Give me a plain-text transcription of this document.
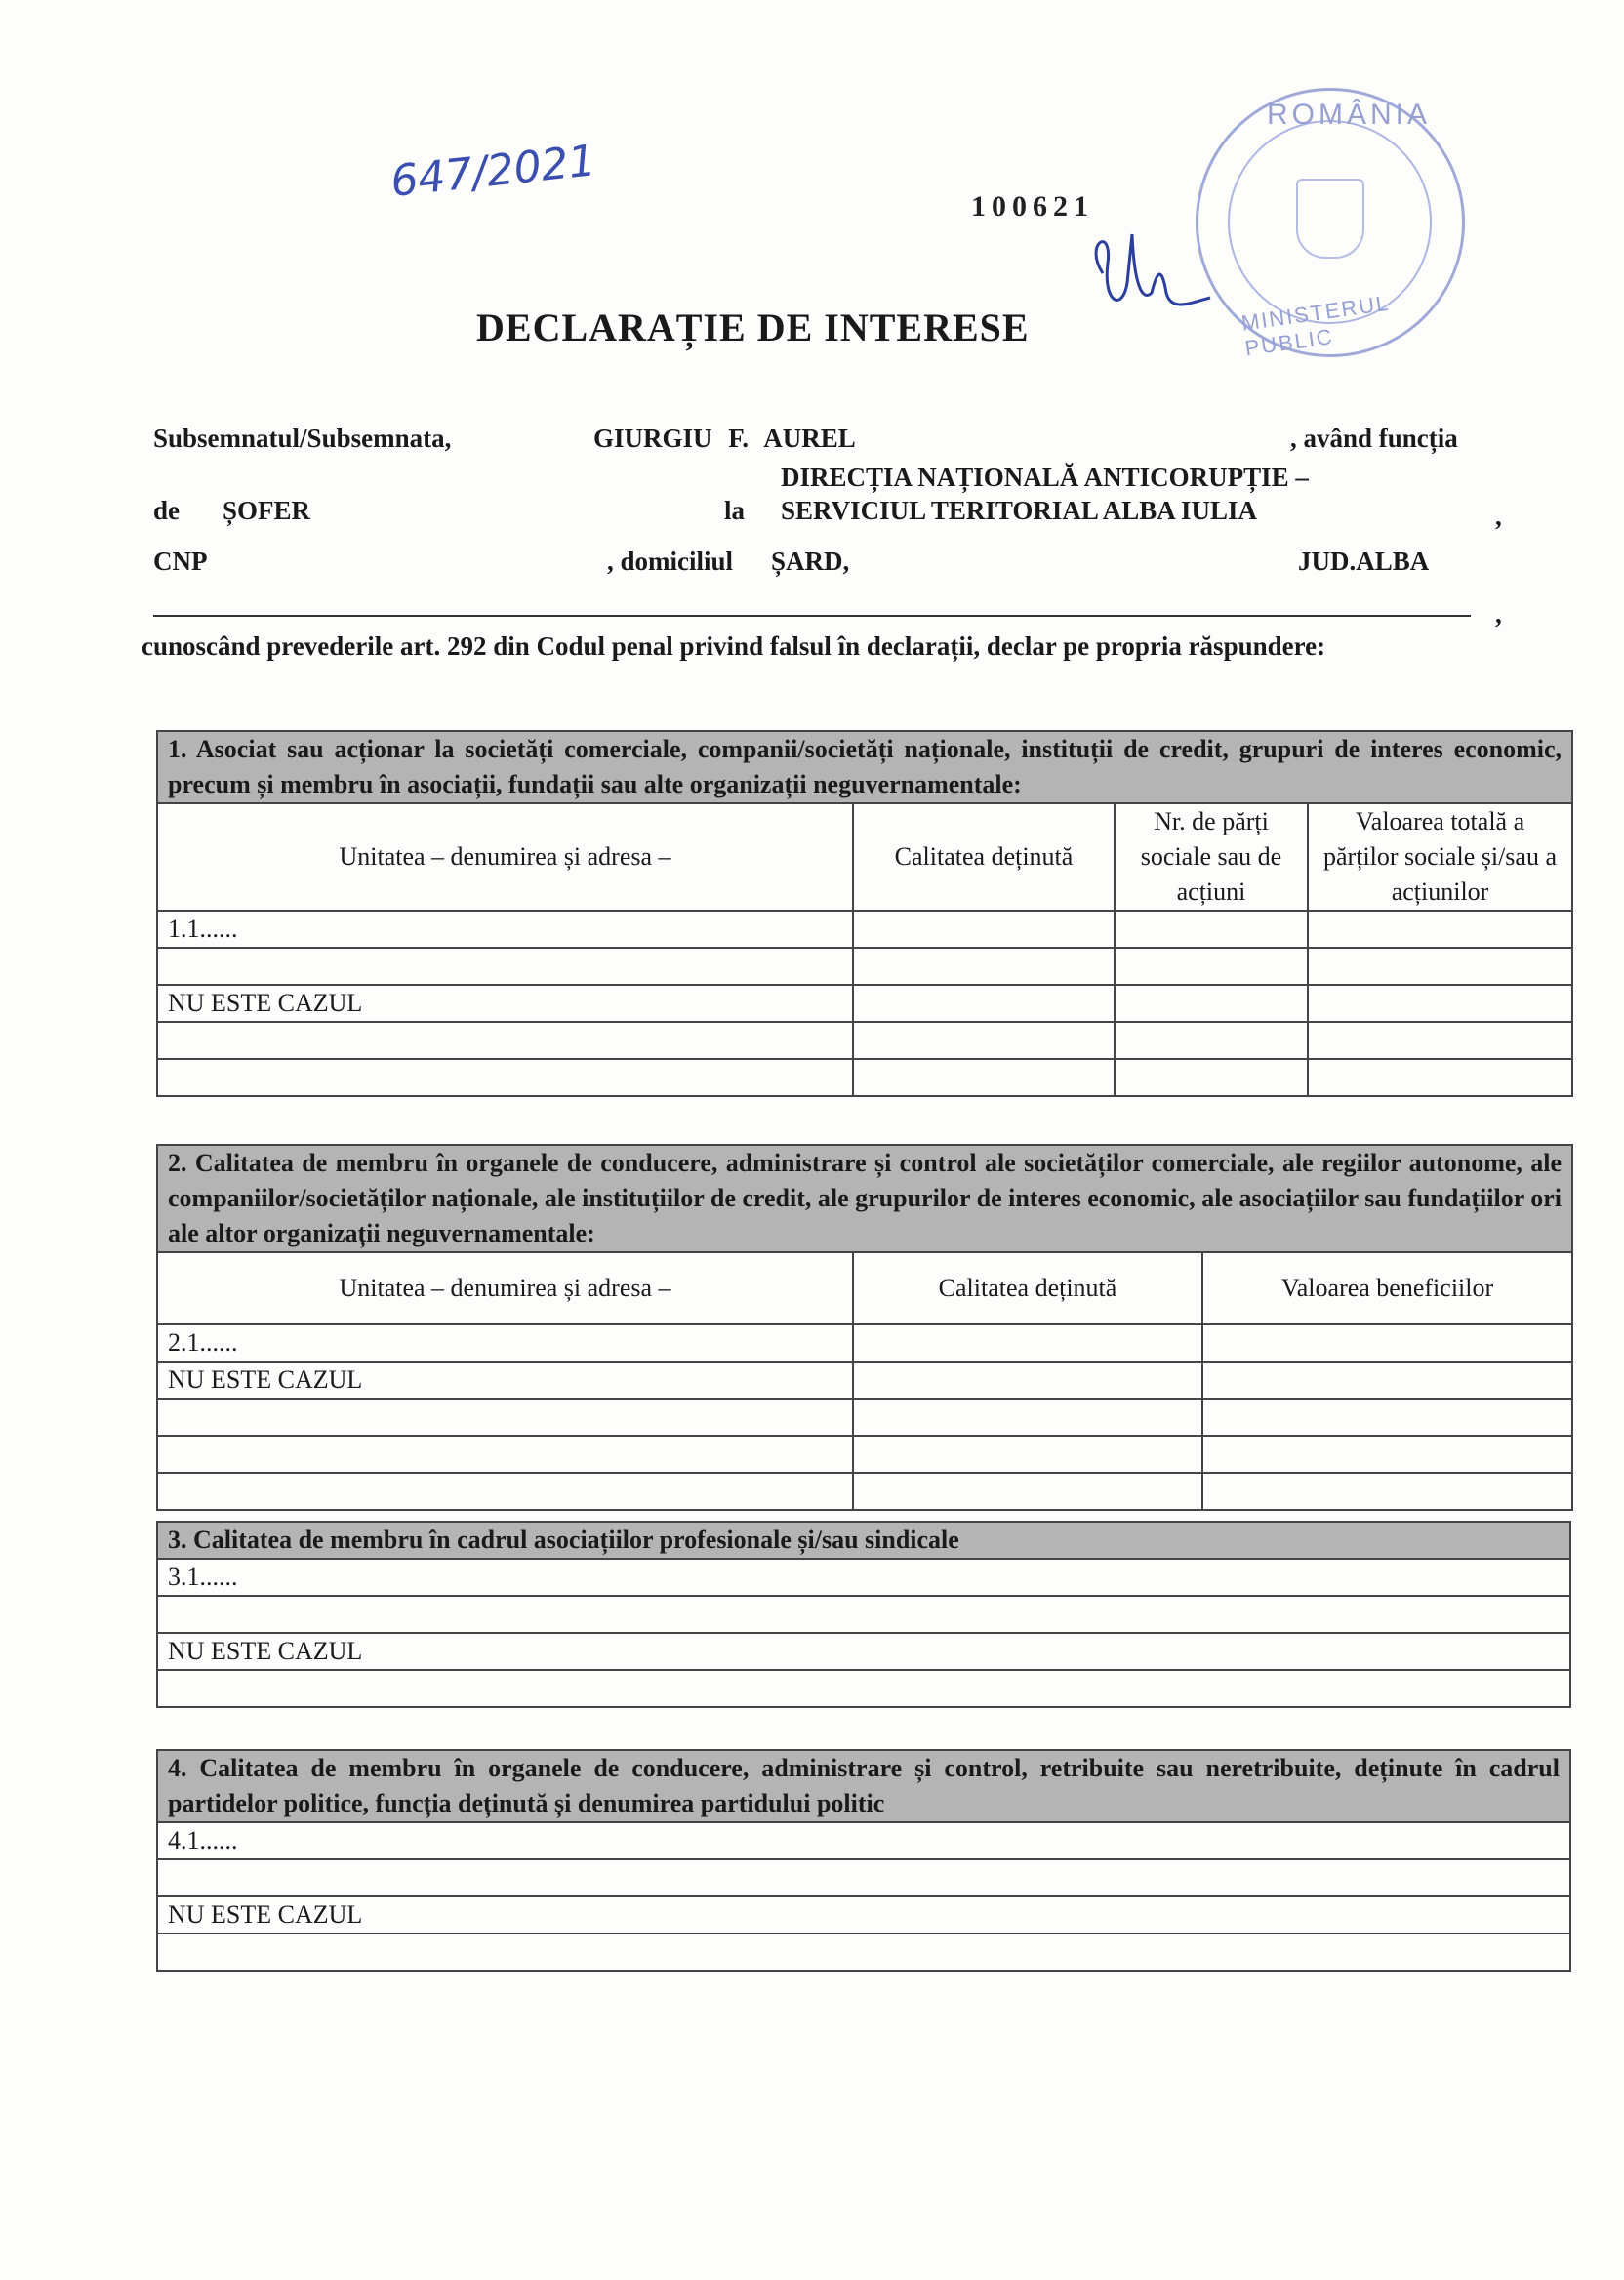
647/2021	100621
ROMÂNIA
MINISTERUL PUBLIC
DECLARAȚIE DE INTERESE
Subsemnatul/Subsemnata,	GIURGIU F. AUREL	, având funcția
DIRECȚIA NAȚIONALĂ ANTICORUPȚIE –
de ȘOFER	la SERVICIUL TERITORIAL ALBA IULIA	,
CNP	, domiciliul ȘARD,	JUD.ALBA
,
cunoscând prevederile art. 292 din Codul penal privind falsul în declarații, declar pe propria răspundere:
1. Asociat sau acționar la societăți comerciale, companii/societăți naționale, instituții de credit, grupuri de interes economic, precum și membru în asociații, fundații sau alte organizații neguvernamentale:			
Unitatea – denumirea și adresa –	Calitatea deținută	Nr. de părți sociale sau de acțiuni	Valoarea totală a părților sociale și/sau a acțiunilor
1.1......			

NU ESTE CAZUL			

2. Calitatea de membru în organele de conducere, administrare și control ale societăților comerciale, ale regiilor autonome, ale companiilor/societăților naționale, ale instituțiilor de credit, ale grupurilor de interes economic, ale asociațiilor sau fundațiilor ori ale altor organizații neguvernamentale:		
Unitatea – denumirea și adresa –	Calitatea deținută	Valoarea beneficiilor
2.1......		
NU ESTE CAZUL		

3. Calitatea de membru în cadrul asociațiilor profesionale și/sau sindicale
3.1......

NU ESTE CAZUL

4. Calitatea de membru în organele de conducere, administrare și control, retribuite sau neretribuite, deținute în cadrul partidelor politice, funcția deținută și denumirea partidului politic
4.1......

NU ESTE CAZUL
